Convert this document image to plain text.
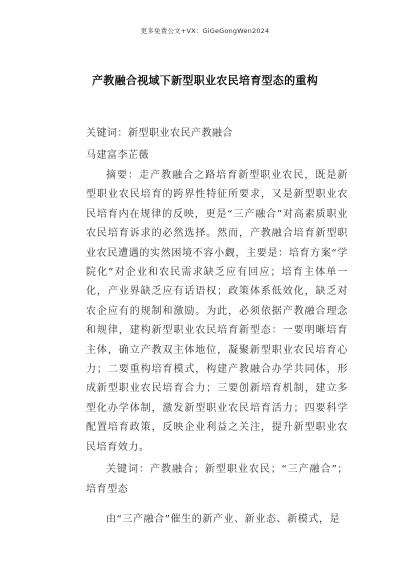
更多免费公文+VX：GiGeGongWen2024
产教融合视域下新型职业农民培育型态的重构
关键词：新型职业农民产教融合
马建富李芷薇

摘要：走产教融合之路培育新型职业农民，既是新型职业农民培育的跨界性特征所要求，又是新型职业农民培育内在规律的反映，更是“三产融合”对高素质职业农民培育诉求的必然选择。然而，产教融合培育新型职业农民遭遇的实然困境不容小觑，主要是：培育方案“学院化”对企业和农民需求缺乏应有回应；培育主体单一化，产业界缺乏应有话语权；政策体系低效化，缺乏对农企应有的规制和激励。为此，必须依据产教融合理念和规律，建构新型职业农民培育新型态：一要明晰培育主体，确立产教双主体地位，凝聚新型职业农民培育心力；二要重构培育模式，构建产教融合办学共同体，形成新型职业农民培育合力；三要创新培育机制，建立多型化办学体制，激发新型职业农民培育活力；四要科学配置培育政策，反映企业利益之关注，提升新型职业农民培育效力。

关键词：产教融合；新型职业农民；“三产融合”；培育型态

由“三产融合”催生的新产业、新业态、新模式，是
